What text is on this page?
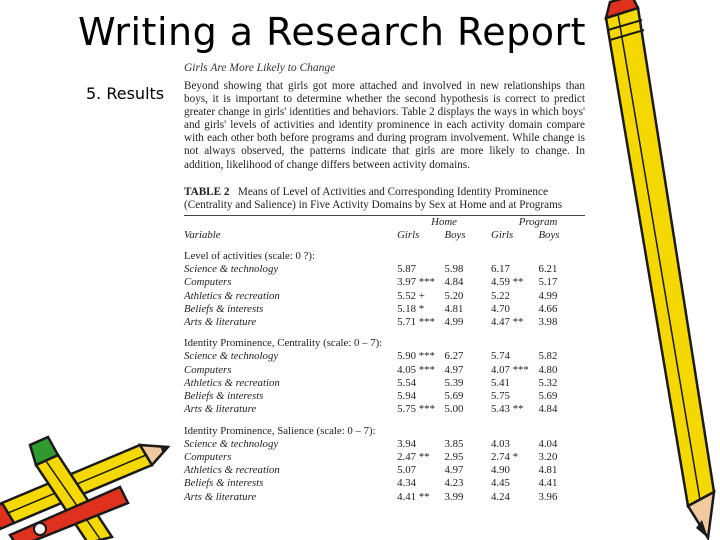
Writing a Research Report
5. Results
Girls Are More Likely to Change
Beyond showing that girls got more attached and involved in new relationships than boys, it is important to determine whether the second hypothesis is correct to predict greater change in girls' identities and behaviors. Table 2 displays the ways in which boys' and girls' levels of activities and identity prominence in each activity domain compare with each other both before programs and during program involvement. While change is not always observed, the patterns indicate that girls are more likely to change. In addition, likelihood of change differs between activity domains.
TABLE 2 Means of Level of Activities and Corresponding Identity Prominence (Centrality and Salience) in Five Activity Domains by Sex at Home and at Programs
	Home		Program	
Variable	Girls	Boys	Girls	Boys

Level of activities (scale: 0 ?):				
Science & technology	5.87	5.98	6.17	6.21
Computers	3.97 ***	4.84	4.59 **	5.17
Athletics & recreation	5.52 +	5.20	5.22	4.99
Beliefs & interests	5.18 *	4.81	4.70	4.66
Arts & literature	5.71 ***	4.99	4.47 **	3.98

Identity Prominence, Centrality (scale: 0 – 7):				
Science & technology	5.90 ***	6.27	5.74	5.82
Computers	4.05 ***	4.97	4.07 ***	4.80
Athletics & recreation	5.54	5.39	5.41	5.32
Beliefs & interests	5.94	5.69	5.75	5.69
Arts & literature	5.75 ***	5.00	5.43 **	4.84

Identity Prominence, Salience (scale: 0 – 7):				
Science & technology	3.94	3.85	4.03	4.04
Computers	2.47 **	2.95	2.74 *	3.20
Athletics & recreation	5.07	4.97	4.90	4.81
Beliefs & interests	4.34	4.23	4.45	4.41
Arts & literature	4.41 **	3.99	4.24	3.96
